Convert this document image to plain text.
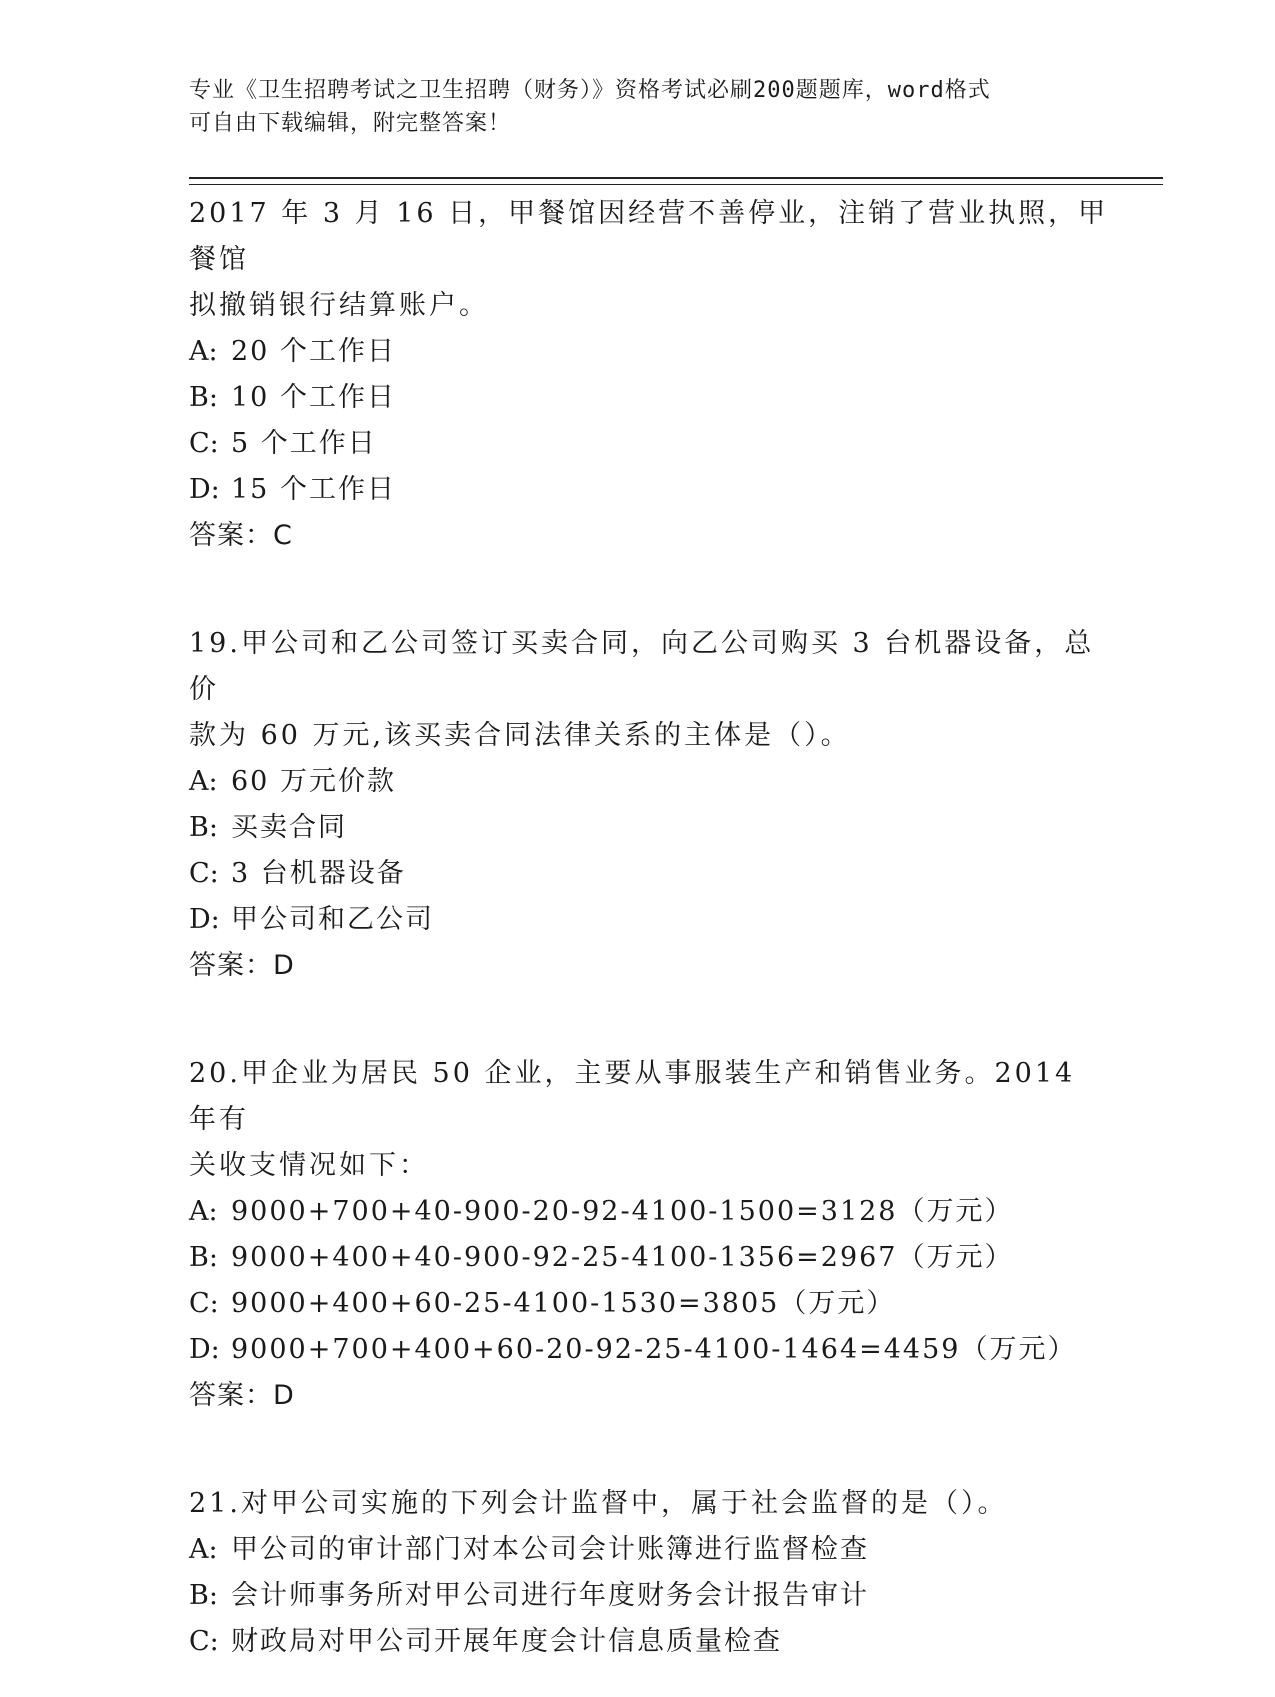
专业《卫生招聘考试之卫生招聘（财务）》资格考试必刷200题题库，word格式
可自由下载编辑，附完整答案！
2017 年 3 月 16 日，甲餐馆因经营不善停业，注销了营业执照，甲餐馆
拟撤销银行结算账户。
A: 20 个工作日
B: 10 个工作日
C: 5 个工作日
D: 15 个工作日
答案：C
19.甲公司和乙公司签订买卖合同，向乙公司购买 3 台机器设备，总价
款为 60 万元,该买卖合同法律关系的主体是（）。
A: 60 万元价款
B: 买卖合同
C: 3 台机器设备
D: 甲公司和乙公司
答案：D
20.甲企业为居民 50 企业，主要从事服装生产和销售业务。2014 年有
关收支情况如下：
A: 9000+700+40-900-20-92-4100-1500=3128（万元）
B: 9000+400+40-900-92-25-4100-1356=2967（万元）
C: 9000+400+60-25-4100-1530=3805（万元）
D: 9000+700+400+60-20-92-25-4100-1464=4459（万元）
答案：D
21.对甲公司实施的下列会计监督中，属于社会监督的是（）。
A: 甲公司的审计部门对本公司会计账簿进行监督检查
B: 会计师事务所对甲公司进行年度财务会计报告审计
C: 财政局对甲公司开展年度会计信息质量检查
